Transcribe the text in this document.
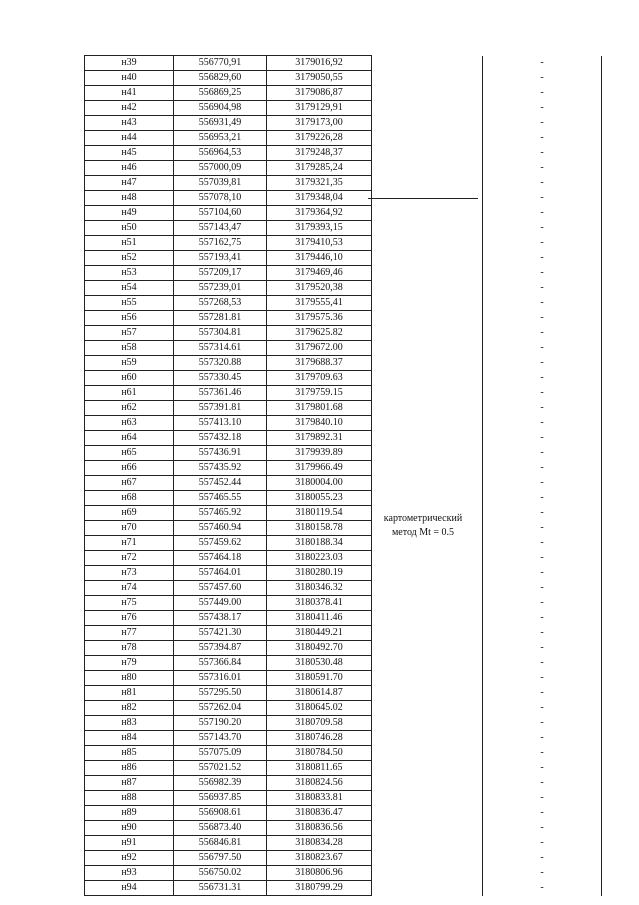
н39	556770,91	3179016,92		-
н40	556829,60	3179050,55		-
н41	556869,25	3179086,87		-
н42	556904,98	3179129,91		-
н43	556931,49	3179173,00		-
н44	556953,21	3179226,28		-
н45	556964,53	3179248,37		-
н46	557000,09	3179285,24		-
н47	557039,81	3179321,35		-
н48	557078,10	3179348,04		-
н49	557104,60	3179364,92		-
н50	557143,47	3179393,15		-
н51	557162,75	3179410,53		-
н52	557193,41	3179446,10		-
н53	557209,17	3179469,46		-
н54	557239,01	3179520,38		-
н55	557268,53	3179555,41		-
н56	557281.81	3179575.36		-
н57	557304.81	3179625.82		-
н58	557314.61	3179672.00		-
н59	557320.88	3179688.37		-
н60	557330.45	3179709.63		-
н61	557361.46	3179759.15		-
н62	557391.81	3179801.68		-
н63	557413.10	3179840.10		-
н64	557432.18	3179892.31		-
н65	557436.91	3179939.89		-
н66	557435.92	3179966.49		-
н67	557452.44	3180004.00		-
н68	557465.55	3180055.23		-
н69	557465.92	3180119.54		-
н70	557460.94	3180158.78		-
н71	557459.62	3180188.34		-
н72	557464.18	3180223.03		-
н73	557464.01	3180280.19		-
н74	557457.60	3180346.32		-
н75	557449.00	3180378.41		-
н76	557438.17	3180411.46		-
н77	557421.30	3180449.21		-
н78	557394.87	3180492.70		-
н79	557366.84	3180530.48		-
н80	557316.01	3180591.70		-
н81	557295.50	3180614.87		-
н82	557262.04	3180645.02		-
н83	557190.20	3180709.58		-
н84	557143.70	3180746.28		-
н85	557075.09	3180784.50		-
н86	557021.52	3180811.65		-
н87	556982.39	3180824.56		-
н88	556937.85	3180833.81		-
н89	556908.61	3180836.47		-
н90	556873.40	3180836.56		-
н91	556846.81	3180834.28		-
н92	556797.50	3180823.67		-
н93	556750.02	3180806.96		-
н94	556731.31	3180799.29		-
картометрический
метод Mt = 0.5
